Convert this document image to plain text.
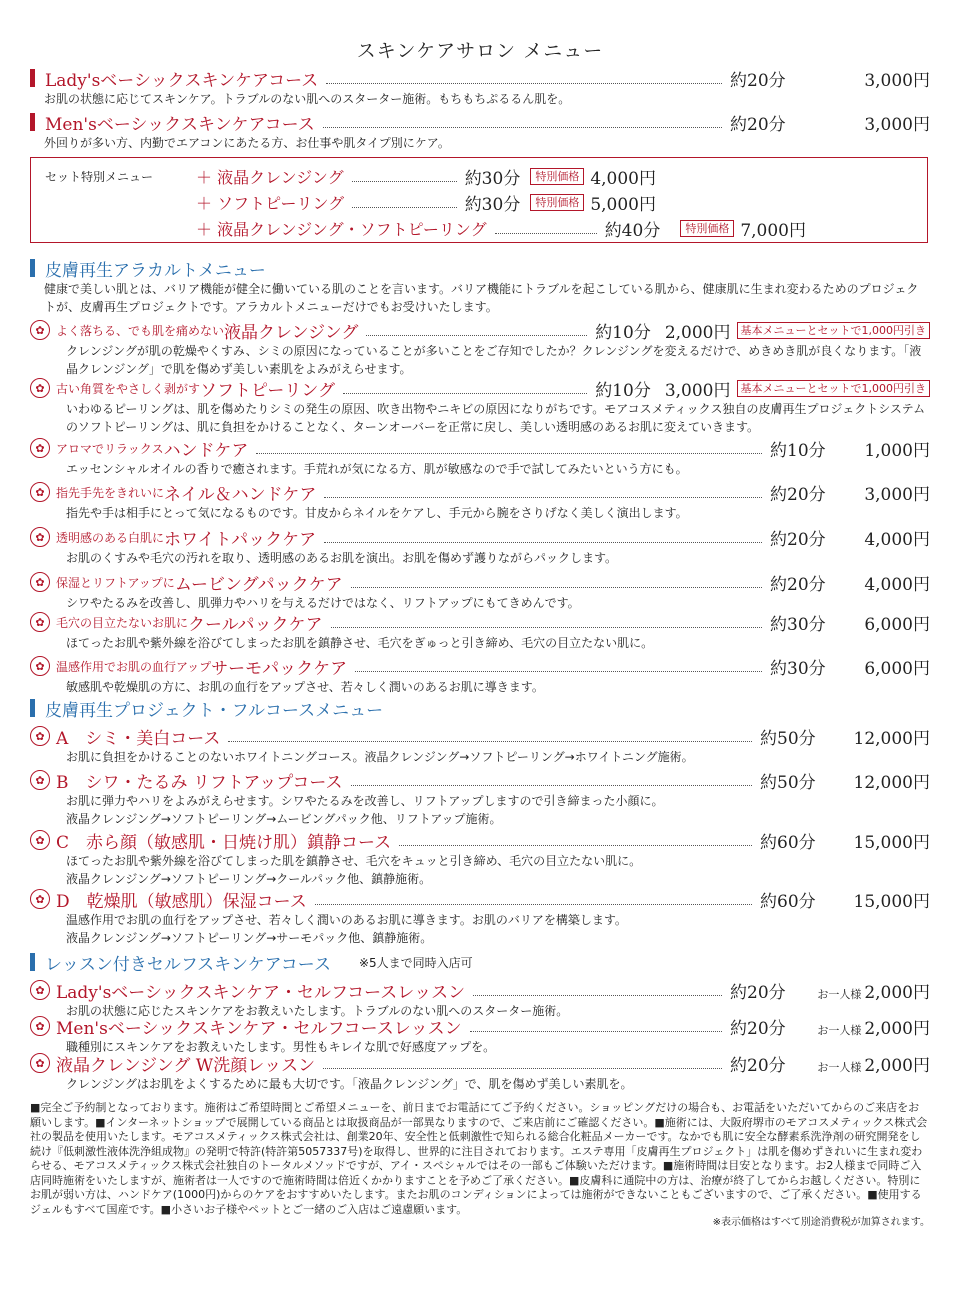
スキンケアサロン メニュー
Lady'sベーシックスキンケアコース	約20分	3,000円
お肌の状態に応じてスキンケア。トラブルのない肌へのスターター施術。もちもちぷるるん肌を。
Men'sベーシックスキンケアコース	約20分	3,000円
外回りが多い方、内勤でエアコンにあたる方、お仕事や肌タイプ別にケア。
セット特別メニュー	＋ 液晶クレンジング	約30分	特別価格 4,000円
＋ ソフトピーリング	約30分	特別価格 5,000円
＋ 液晶クレンジング・ソフトピーリング	約40分	特別価格 7,000円
皮膚再生アラカルトメニュー
健康で美しい肌とは、バリア機能が健全に働いている肌のことを言います。バリア機能にトラブルを起こしている肌から、健康肌に生まれ変わるためのプロジェクトが、皮膚再生プロジェクトです。アラカルトメニューだけでもお受けいたします。
✿ よく落ちる、でも肌を痛めない 液晶クレンジング	約10分 2,000円 基本メニューとセットで1,000円引き
クレンジングが肌の乾燥やくすみ、シミの原因になっていることが多いことをご存知でしたか？クレンジングを変えるだけで、めきめき肌が良くなります。「液晶クレンジング」で肌を傷めず美しい素肌をよみがえらせます。
✿ 古い角質をやさしく剥がす ソフトピーリング	約10分 3,000円 基本メニューとセットで1,000円引き
いわゆるピーリングは、肌を傷めたりシミの発生の原因、吹き出物やニキビの原因になりがちです。モアコスメティックス独自の皮膚再生プロジェクトシステムのソフトピーリングは、肌に負担をかけることなく、ターンオーバーを正常に戻し、美しい透明感のあるお肌に変えていきます。
✿ アロマでリラックス ハンドケア	約10分	1,000円
エッセンシャルオイルの香りで癒されます。手荒れが気になる方、肌が敏感なので手で試してみたいという方にも。
✿ 指先手先をきれいに ネイル＆ハンドケア	約20分	3,000円
指先や手は相手にとって気になるものです。甘皮からネイルをケアし、手元から腕をさりげなく美しく演出します。
✿ 透明感のある白肌に ホワイトパックケア	約20分	4,000円
お肌のくすみや毛穴の汚れを取り、透明感のあるお肌を演出。お肌を傷めず護りながらパックします。
✿ 保湿とリフトアップに ムービングパックケア	約20分	4,000円
シワやたるみを改善し、肌弾力やハリを与えるだけではなく、リフトアップにもてきめんです。
✿ 毛穴の目立たないお肌に クールパックケア	約30分	6,000円
ほてったお肌や紫外線を浴びてしまったお肌を鎮静させ、毛穴をぎゅっと引き締め、毛穴の目立たない肌に。
✿ 温感作用でお肌の血行アップ サーモパックケア	約30分	6,000円
敏感肌や乾燥肌の方に、お肌の血行をアップさせ、若々しく潤いのあるお肌に導きます。
皮膚再生プロジェクト・フルコースメニュー
✿ A　シミ・美白コース	約50分	12,000円
お肌に負担をかけることのないホワイトニングコース。液晶クレンジング→ソフトピーリング→ホワイトニング施術。
✿ B　シワ・たるみ リフトアップコース	約50分	12,000円
お肌に弾力やハリをよみがえらせます。シワやたるみを改善し、リフトアップしますので引き締まった小顔に。
液晶クレンジング→ソフトピーリング→ムービングパック他、リフトアップ施術。
✿ C　赤ら顔（敏感肌・日焼け肌）鎮静コース	約60分	15,000円
ほてったお肌や紫外線を浴びてしまった肌を鎮静させ、毛穴をキュッと引き締め、毛穴の目立たない肌に。
液晶クレンジング→ソフトピーリング→クールパック他、鎮静施術。
✿ D　乾燥肌（敏感肌）保湿コース	約60分	15,000円
温感作用でお肌の血行をアップさせ、若々しく潤いのあるお肌に導きます。お肌のバリアを構築します。
液晶クレンジング→ソフトピーリング→サーモパック他、鎮静施術。
レッスン付きセルフスキンケアコース ※5人まで同時入店可
✿ Lady'sベーシックスキンケア・セルフコースレッスン	約20分	お一人様 2,000円
お肌の状態に応じたスキンケアをお教えいたします。トラブルのない肌へのスターター施術。
✿ Men'sベーシックスキンケア・セルフコースレッスン	約20分	お一人様 2,000円
職種別にスキンケアをお教えいたします。男性もキレイな肌で好感度アップを。
✿ 液晶クレンジング W洗顔レッスン	約20分	お一人様 2,000円
クレンジングはお肌をよくするために最も大切です。「液晶クレンジング」で、肌を傷めず美しい素肌を。
■完全ご予約制となっております。施術はご希望時間とご希望メニューを、前日までお電話にてご予約ください。ショッピングだけの場合も、お電話をいただいてからのご来店をお願いします。■インターネットショップで展開している商品とは取扱商品が一部異なりますので、ご来店前にご確認ください。■施術には、大阪府堺市のモアコスメティックス株式会社の製品を使用いたします。モアコスメティックス株式会社は、創業20年、安全性と低刺激性で知られる総合化粧品メーカーです。なかでも肌に安全な酵素系洗浄剤の研究開発をし続け『低刺激性液体洗浄組成物』の発明で特許(特許第5057337号)を取得し、世界的に注目されております。エステ専用「皮膚再生プロジェクト」は肌を傷めずきれいに生まれ変わらせる、モアコスメティックス株式会社独自のトータルメソッドですが、アイ・スペシャルではその一部もご体験いただけます。■施術時間は目安となります。お2人様まで同時ご入店同時施術をいたしますが、施術者は一人ですので施術時間は倍近くかかりますことを予めご了承ください。■皮膚科に通院中の方は、治療が終了してからお越しください。特別にお肌が弱い方は、ハンドケア(1000円)からのケアをおすすめいたします。またお肌のコンディションによっては施術ができないこともございますので、ご了承ください。■使用するジェルもすべて国産です。■小さいお子様やペットとご一緒のご入店はご遠慮願います。
※表示価格はすべて別途消費税が加算されます。
